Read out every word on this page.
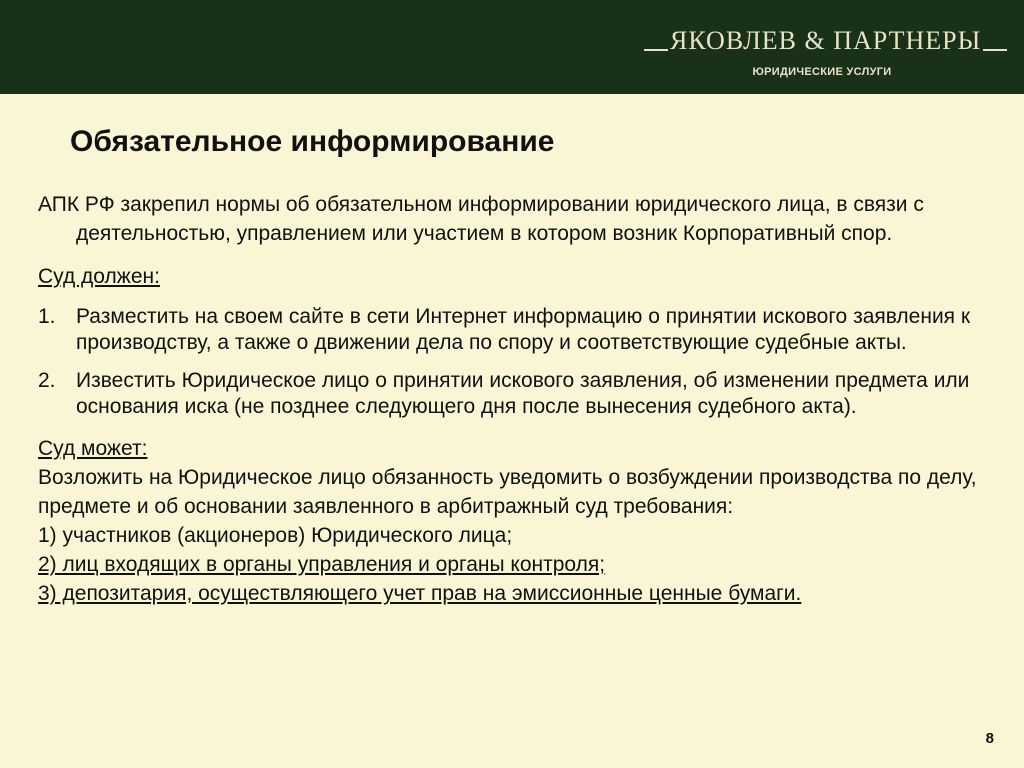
ЯКОВЛЕВ & ПАРТНЕРЫ
ЮРИДИЧЕСКИЕ УСЛУГИ
Обязательное информирование

АПК РФ закрепил нормы об обязательном информировании юридического лица, в связи с деятельностью, управлением или участием в котором возник Корпоративный спор.

Суд должен:

1. Разместить на своем сайте в сети Интернет информацию о принятии искового заявления к производству, а также о движении дела по спору и соответствующие судебные акты.
2. Известить Юридическое лицо о принятии искового заявления, об изменении предмета или основания иска (не позднее следующего дня после вынесения судебного акта).

Суд может:

Возложить на Юридическое лицо обязанность уведомить о возбуждении производства по делу, предмете и об основании заявленного в арбитражный суд требования:

1) участников (акционеров) Юридического лица;

2) лиц входящих в органы управления и органы контроля;

3) депозитария, осуществляющего учет прав на эмиссионные ценные бумаги.

8
